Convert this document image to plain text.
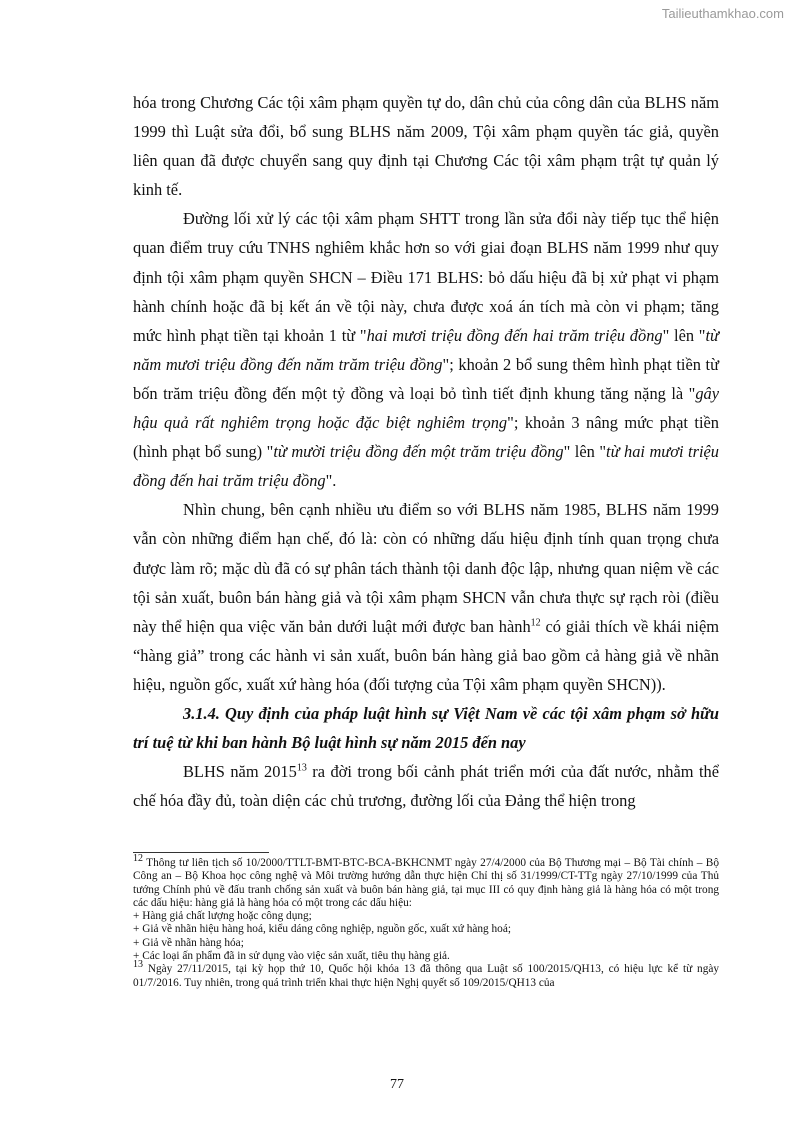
Tailieuthamkhao.com

hóa trong Chương Các tội xâm phạm quyền tự do, dân chủ của công dân của BLHS năm 1999 thì Luật sửa đổi, bổ sung BLHS năm 2009, Tội xâm phạm quyền tác giả, quyền liên quan đã được chuyển sang quy định tại Chương Các tội xâm phạm trật tự quản lý kinh tế.

Đường lối xử lý các tội xâm phạm SHTT trong lần sửa đổi này tiếp tục thể hiện quan điểm truy cứu TNHS nghiêm khắc hơn so với giai đoạn BLHS năm 1999 như quy định tội xâm phạm quyền SHCN – Điều 171 BLHS: bỏ dấu hiệu đã bị xử phạt vi phạm hành chính hoặc đã bị kết án về tội này, chưa được xoá án tích mà còn vi phạm; tăng mức hình phạt tiền tại khoản 1 từ "hai mươi triệu đồng đến hai trăm triệu đồng" lên "từ năm mươi triệu đồng đến năm trăm triệu đồng"; khoản 2 bổ sung thêm hình phạt tiền từ bốn trăm triệu đồng đến một tỷ đồng và loại bỏ tình tiết định khung tăng nặng là "gây hậu quả rất nghiêm trọng hoặc đặc biệt nghiêm trọng"; khoản 3 nâng mức phạt tiền (hình phạt bổ sung) "từ mười triệu đồng đến một trăm triệu đồng" lên "từ hai mươi triệu đồng đến hai trăm triệu đồng".

Nhìn chung, bên cạnh nhiều ưu điểm so với BLHS năm 1985, BLHS năm 1999 vẫn còn những điểm hạn chế, đó là: còn có những dấu hiệu định tính quan trọng chưa được làm rõ; mặc dù đã có sự phân tách thành tội danh độc lập, nhưng quan niệm về các tội sản xuất, buôn bán hàng giả và tội xâm phạm SHCN vẫn chưa thực sự rạch ròi (điều này thể hiện qua việc văn bản dưới luật mới được ban hành$^{12}$ có giải thích về khái niệm “hàng giả” trong các hành vi sản xuất, buôn bán hàng giả bao gồm cả hàng giả về nhãn hiệu, nguồn gốc, xuất xứ hàng hóa (đối tượng của Tội xâm phạm quyền SHCN)).

3.1.4. Quy định của pháp luật hình sự Việt Nam về các tội xâm phạm sở hữu trí tuệ từ khi ban hành Bộ luật hình sự năm 2015 đến nay

BLHS năm 2015$^{13}$ ra đời trong bối cảnh phát triển mới của đất nước, nhằm thể chế hóa đầy đủ, toàn diện các chủ trương, đường lối của Đảng thể hiện trong

$^{12}$ Thông tư liên tịch số 10/2000/TTLT-BMT-BTC-BCA-BKHCNMT ngày 27/4/2000 của Bộ Thương mại – Bộ Tài chính – Bộ Công an – Bộ Khoa học công nghệ và Môi trường hướng dẫn thực hiện Chỉ thị số 31/1999/CT-TTg ngày 27/10/1999 của Thủ tướng Chính phủ về đấu tranh chống sản xuất và buôn bán hàng giả, tại mục III có quy định hàng giả là hàng hóa có một trong các dấu hiệu: hàng giả là hàng hóa có một trong các dấu hiệu:

+ Hàng giả chất lượng hoặc công dụng;

+ Giả về nhãn hiệu hàng hoá, kiểu dáng công nghiệp, nguồn gốc, xuất xứ hàng hoá;

+ Giả về nhãn hàng hóa;

+ Các loại ấn phẩm đã in sử dụng vào việc sản xuất, tiêu thụ hàng giả.

$^{13}$ Ngày 27/11/2015, tại kỳ họp thứ 10, Quốc hội khóa 13 đã thông qua Luật số 100/2015/QH13, có hiệu lực kể từ ngày 01/7/2016. Tuy nhiên, trong quá trình triển khai thực hiện Nghị quyết số 109/2015/QH13 của

77
